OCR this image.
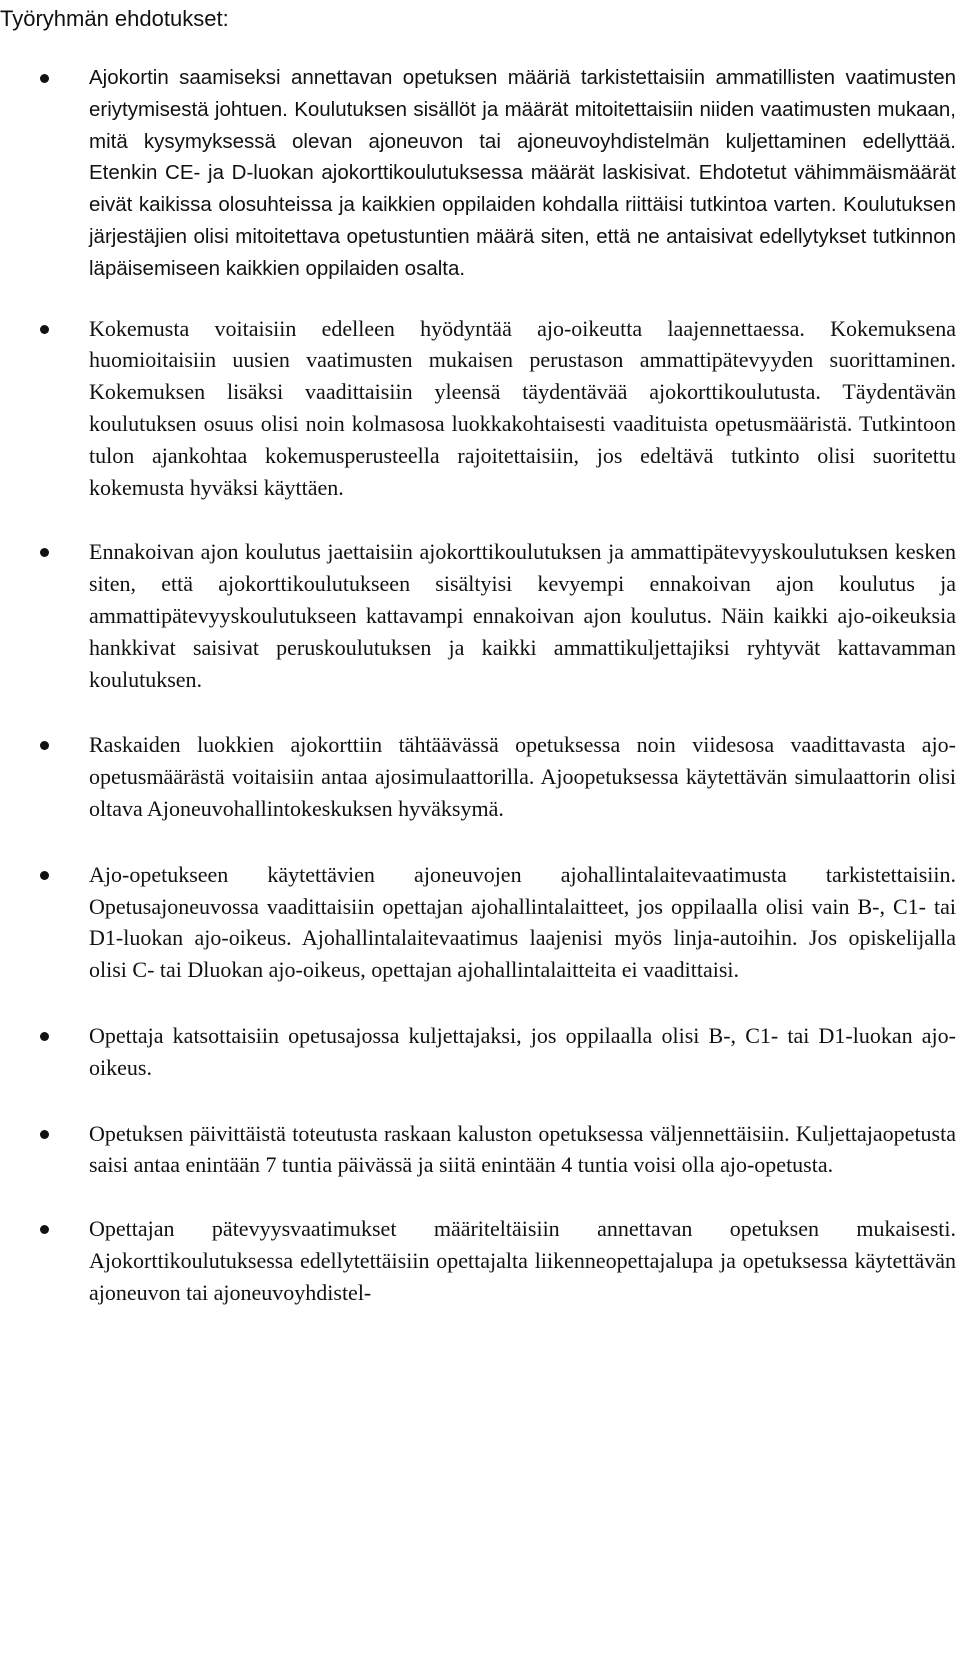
Työryhmän ehdotukset:

Ajokortin saamiseksi annettavan opetuksen määriä tarkistettaisiin ammatillisten vaatimusten eriytymisestä johtuen. Koulutuksen sisällöt ja määrät mitoitettaisiin niiden vaatimusten mukaan, mitä kysymyksessä olevan ajoneuvon tai ajoneuvoyhdistelmän kuljettaminen edellyttää. Etenkin CE- ja D-luokan ajokorttikoulutuksessa määrät laskisivat. Ehdotetut vähimmäismäärät eivät kaikissa olosuhteissa ja kaikkien oppilaiden kohdalla riittäisi tutkintoa varten. Koulutuksen järjestäjien olisi mitoitettava opetustuntien määrä siten, että ne antaisivat edellytykset tutkinnon läpäisemiseen kaikkien oppilaiden osalta.

Kokemusta voitaisiin edelleen hyödyntää ajo-oikeutta laajennettaessa. Kokemuksena huomioitaisiin uusien vaatimusten mukaisen perustason ammattipätevyyden suorittaminen. Kokemuksen lisäksi vaadittaisiin yleensä täydentävää ajokorttikoulutusta. Täydentävän koulutuksen osuus olisi noin kolmasosa luokkakohtaisesti vaadituista opetusmääristä. Tutkintoon tulon ajankohtaa kokemusperusteella rajoitettaisiin, jos edeltävä tutkinto olisi suoritettu kokemusta hyväksi käyttäen.

Ennakoivan ajon koulutus jaettaisiin ajokorttikoulutuksen ja ammattipätevyyskoulutuksen kesken siten, että ajokorttikoulutukseen sisältyisi kevyempi ennakoivan ajon koulutus ja ammattipätevyyskoulutukseen kattavampi ennakoivan ajon koulutus. Näin kaikki ajo-oikeuksia hankkivat saisivat peruskoulutuksen ja kaikki ammattikuljettajiksi ryhtyvät kattavamman koulutuksen.

Raskaiden luokkien ajokorttiin tähtäävässä opetuksessa noin viidesosa vaadittavasta ajo-opetusmäärästä voitaisiin antaa ajosimulaattorilla. Ajoopetuksessa käytettävän simulaattorin olisi oltava Ajoneuvohallintokeskuksen hyväksymä.

Ajo-opetukseen käytettävien ajoneuvojen ajohallintalaitevaatimusta tarkistettaisiin. Opetusajoneuvossa vaadittaisiin opettajan ajohallintalaitteet, jos oppilaalla olisi vain B-, C1- tai D1-luokan ajo-oikeus. Ajohallintalaitevaatimus laajenisi myös linja-autoihin. Jos opiskelijalla olisi C- tai Dluokan ajo-oikeus, opettajan ajohallintalaitteita ei vaadittaisi.

Opettaja katsottaisiin opetusajossa kuljettajaksi, jos oppilaalla olisi B-, C1- tai D1-luokan ajo-oikeus.

Opetuksen päivittäistä toteutusta raskaan kaluston opetuksessa väljennettäisiin. Kuljettajaopetusta saisi antaa enintään 7 tuntia päivässä ja siitä enintään 4 tuntia voisi olla ajo-opetusta.

Opettajan pätevyysvaatimukset määriteltäisiin annettavan opetuksen mukaisesti. Ajokorttikoulutuksessa edellytettäisiin opettajalta liikenneopettajalupa ja opetuksessa käytettävän ajoneuvon tai ajoneuvoyhdistel-
